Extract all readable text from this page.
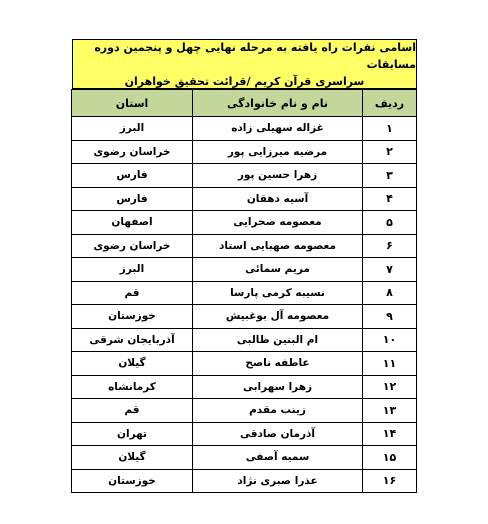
اسامی نفرات راه یافته به مرحله نهایی چهل و پنجمین دوره مسابقات
سراسری قرآن کریم /قرائت تحقیق خواهران
ردیف	نام و نام خانوادگی	استان
۱	غزاله سهیلی زاده	البرز
۲	مرضیه میرزایی پور	خراسان رضوی
۳	زهرا حسین پور	فارس
۴	آسیه دهقان	فارس
۵	معصومه صحرایی	اصفهان
۶	معصومه صهبایی استاد	خراسان رضوی
۷	مریم سمائی	البرز
۸	نسیبه کرمی پارسا	قم
۹	معصومه آل بوغبیش	خوزستان
۱۰	ام البنین طالبی	آذربایجان شرقی
۱۱	عاطفه ناصح	گیلان
۱۲	زهرا سهرابی	کرمانشاه
۱۳	زینب مقدم	قم
۱۴	آذرمان صادقی	تهران
۱۵	سمیه آصفی	گیلان
۱۶	عذرا صبری نژاد	خوزستان
